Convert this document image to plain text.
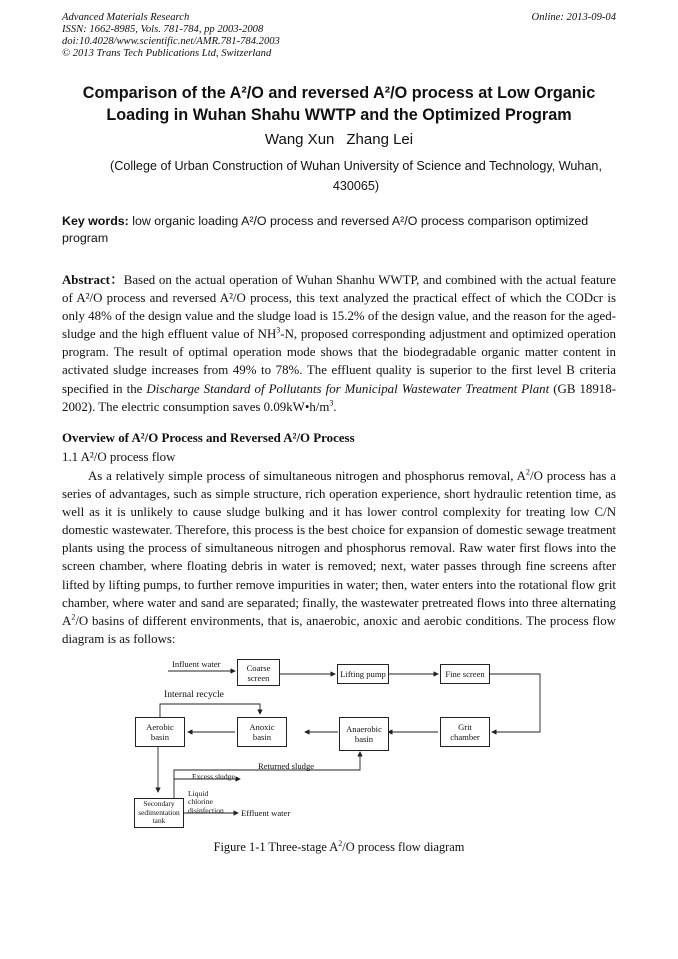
Advanced Materials Research
ISSN: 1662-8985, Vols. 781-784, pp 2003-2008
doi:10.4028/www.scientific.net/AMR.781-784.2003
© 2013 Trans Tech Publications Ltd, Switzerland
Online: 2013-09-04
Comparison of the A²/O and reversed A²/O process at Low Organic
Loading in Wuhan Shahu WWTP and the Optimized Program
Wang Xun Zhang Lei
(College of Urban Construction of Wuhan University of Science and Technology, Wuhan, 430065)
Key words: low organic loading A²/O process and reversed A²/O process comparison optimized program
Abstract：Based on the actual operation of Wuhan Shanhu WWTP, and combined with the actual feature of A²/O process and reversed A²/O process, this text analyzed the practical effect of which the CODcr is only 48% of the design value and the sludge load is 15.2% of the design value, and the reason for the aged-sludge and the high effluent value of $NH^3-N$, proposed corresponding adjustment and optimized operation program. The result of optimal operation mode shows that the biodegradable organic matter content in activated sludge increases from 49% to 78%. The effluent quality is superior to the first level B criteria specified in the Discharge Standard of Pollutants for Municipal Wastewater Treatment Plant (GB 18918-2002). The electric consumption saves $0.09kW•h/m^3$.
Overview of A²/O Process and Reversed A²/O Process
1.1 A²/O process flow
As a relatively simple process of simultaneous nitrogen and phosphorus removal, $A^2/O$ process has a series of advantages, such as simple structure, rich operation experience, short hydraulic retention time, as well as it is unlikely to cause sludge bulking and it has lower control complexity for treating low C/N domestic wastewater. Therefore, this process is the best choice for expansion of domestic sewage treatment plants using the process of simultaneous nitrogen and phosphorus removal. Raw water first flows into the screen chamber, where floating debris in water is removed; next, water passes through fine screens after lifted by lifting pumps, to further remove impurities in water; then, water enters into the rotational flow grit chamber, where water and sand are separated; finally, the wastewater pretreated flows into three alternating $A^2/O$ basins of different environments, that is, anaerobic, anoxic and aerobic conditions. The process flow diagram is as follows:
Influent water	Coarse
screen	Lifting pump	Fine screen
Internal recycle
Aerobic
basin
Anoxic
basin
Anaerobic
basin
Grit
chamber
Returned sludge
Excess sludge
Liquid
chlorine
disinfection Effluent water
Secondary
sedimentation
tank
Figure 1-1 Three-stage $A^2/O$ process flow diagram
